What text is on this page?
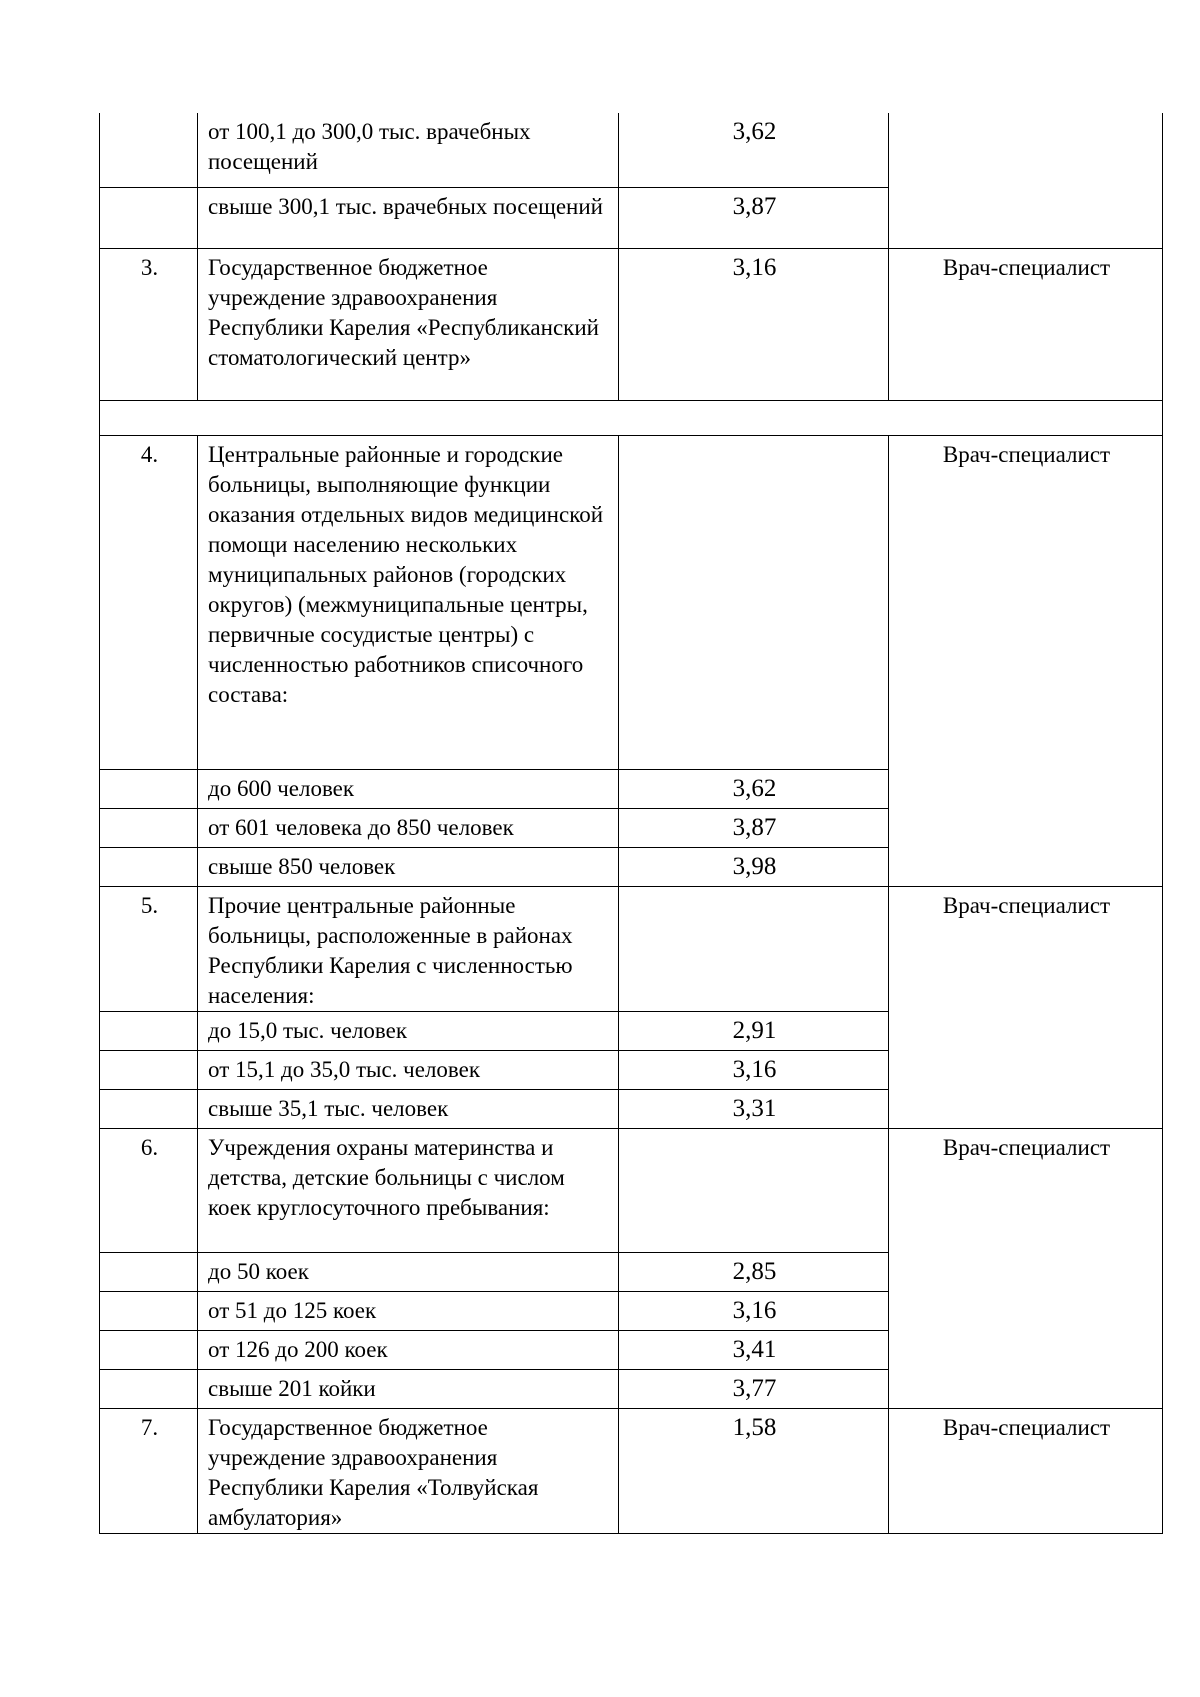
	от 100,1 до 300,0 тыс. врачебных посещений	3,62	
	свыше 300,1 тыс. врачебных посещений	3,87	
3.	Государственное бюджетное учреждение здравоохранения Республики Карелия «Республиканский стоматологический центр»	3,16	Врач-специалист

4.	Центральные районные и городские больницы, выполняющие функции оказания отдельных видов медицинской помощи населению нескольких муниципальных районов (городских округов) (межмуниципальные центры, первичные сосудистые центры) с численностью работников списочного состава:		Врач-специалист
	до 600 человек	3,62	
	от 601 человека до 850 человек	3,87	
	свыше 850 человек	3,98	
5.	Прочие центральные районные больницы, расположенные в районах Республики Карелия с численностью населения:		Врач-специалист
	до 15,0 тыс. человек	2,91	
	от 15,1 до 35,0 тыс. человек	3,16	
	свыше 35,1 тыс. человек	3,31	
6.	Учреждения охраны материнства и детства, детские больницы с числом коек круглосуточного пребывания:		Врач-специалист
	до 50 коек	2,85	
	от 51 до 125 коек	3,16	
	от 126 до 200 коек	3,41	
	свыше 201 койки	3,77	
7.	Государственное бюджетное учреждение здравоохранения Республики Карелия «Толвуйская амбулатория»	1,58	Врач-специалист
